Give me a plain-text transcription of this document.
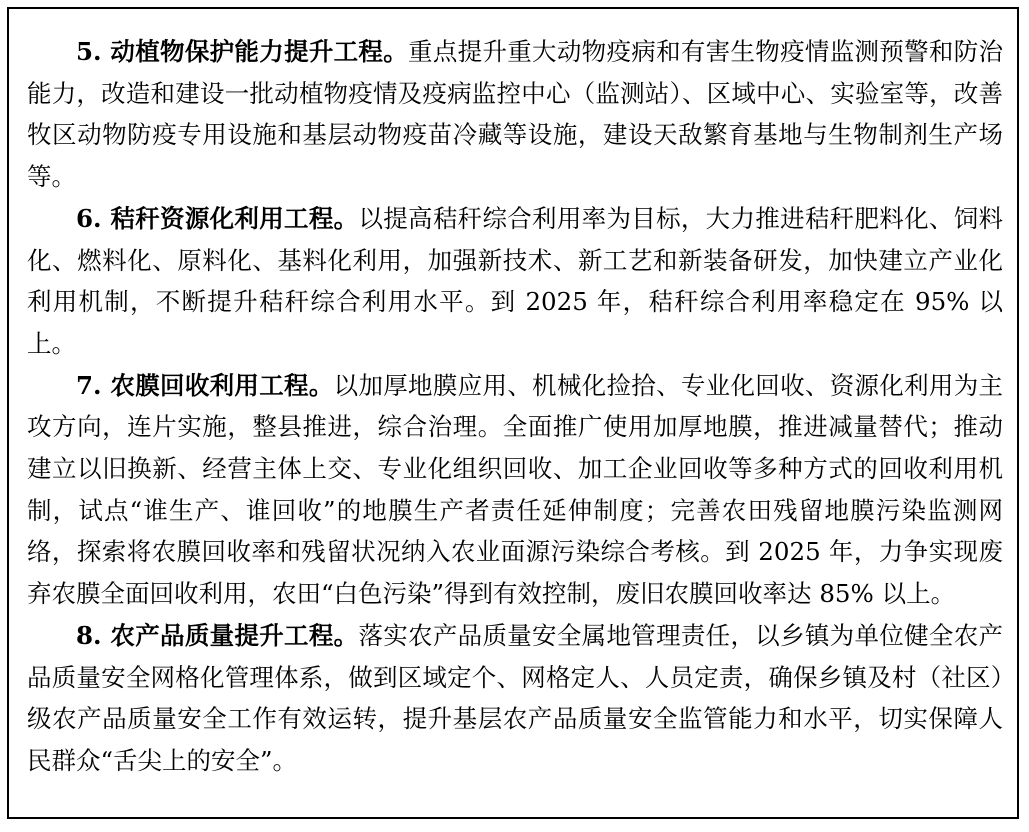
5. 动植物保护能力提升工程。重点提升重大动物疫病和有害生物疫情监测预警和防治能力，改造和建设一批动植物疫情及疫病监控中心（监测站）、区域中心、实验室等，改善牧区动物防疫专用设施和基层动物疫苗冷藏等设施，建设天敌繁育基地与生物制剂生产场等。

6. 秸秆资源化利用工程。以提高秸秆综合利用率为目标，大力推进秸秆肥料化、饲料化、燃料化、原料化、基料化利用，加强新技术、新工艺和新装备研发，加快建立产业化利用机制，不断提升秸秆综合利用水平。到 2025 年，秸秆综合利用率稳定在 95% 以上。

7. 农膜回收利用工程。以加厚地膜应用、机械化捡拾、专业化回收、资源化利用为主攻方向，连片实施，整县推进，综合治理。全面推广使用加厚地膜，推进减量替代；推动建立以旧换新、经营主体上交、专业化组织回收、加工企业回收等多种方式的回收利用机制，试点“谁生产、谁回收”的地膜生产者责任延伸制度；完善农田残留地膜污染监测网络，探索将农膜回收率和残留状况纳入农业面源污染综合考核。到 2025 年，力争实现废弃农膜全面回收利用，农田“白色污染”得到有效控制，废旧农膜回收率达 85% 以上。

8. 农产品质量提升工程。落实农产品质量安全属地管理责任，以乡镇为单位健全农产品质量安全网格化管理体系，做到区域定个、网格定人、人员定责，确保乡镇及村（社区）级农产品质量安全工作有效运转，提升基层农产品质量安全监管能力和水平，切实保障人民群众“舌尖上的安全”。
